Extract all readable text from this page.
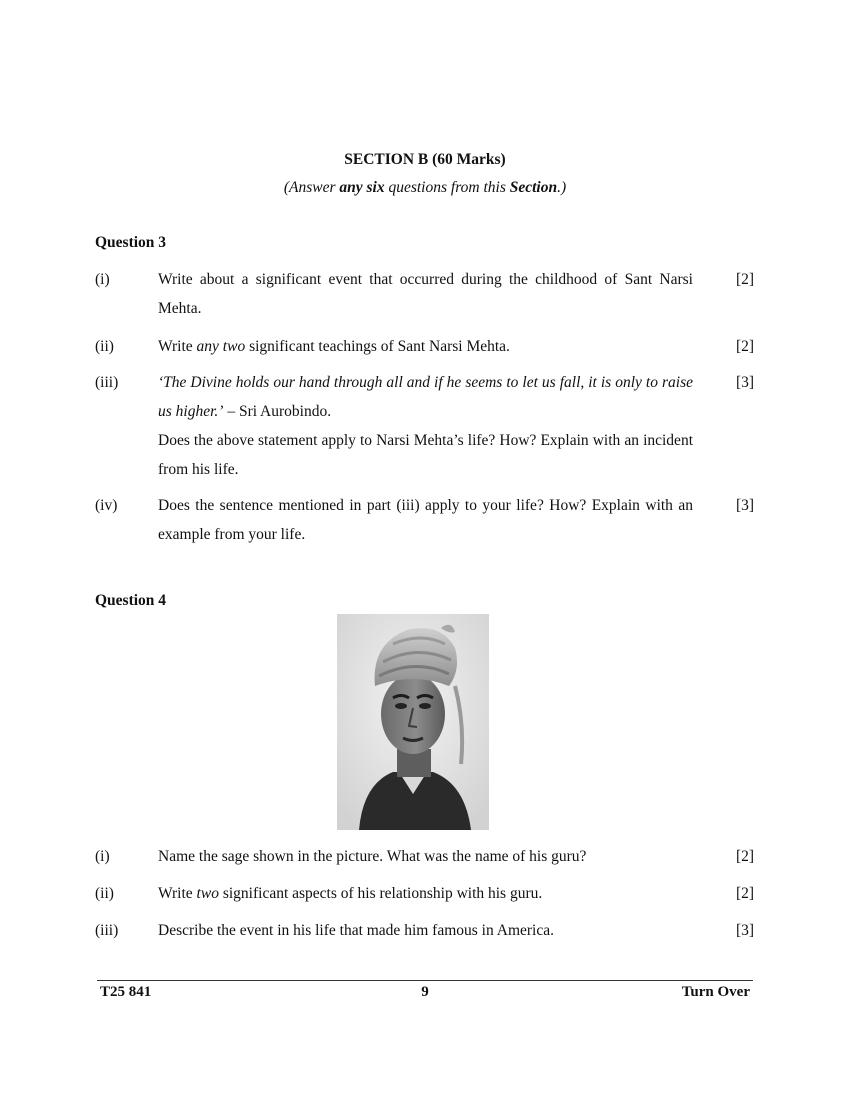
SECTION B (60 Marks)
(Answer any six questions from this Section.)
Question 3
(i)	Write about a significant event that occurred during the childhood of Sant Narsi Mehta.
[2]
(ii)	Write any two significant teachings of Sant Narsi Mehta.	[2]
(iii)	‘The Divine holds our hand through all and if he seems to let us fall, it is only to raise us higher.’ – Sri Aurobindo.

Does the above statement apply to Narsi Mehta’s life? How? Explain with an incident from his life.

[3]
(iv)	Does the sentence mentioned in part (iii) apply to your life? How? Explain with an example from your life.
[3]
Question 4
(i)	Name the sage shown in the picture. What was the name of his guru?	[2]
(ii)	Write two significant aspects of his relationship with his guru.	[2]
(iii)	Describe the event in his life that made him famous in America.	[3]
T25 841	9	Turn Over
